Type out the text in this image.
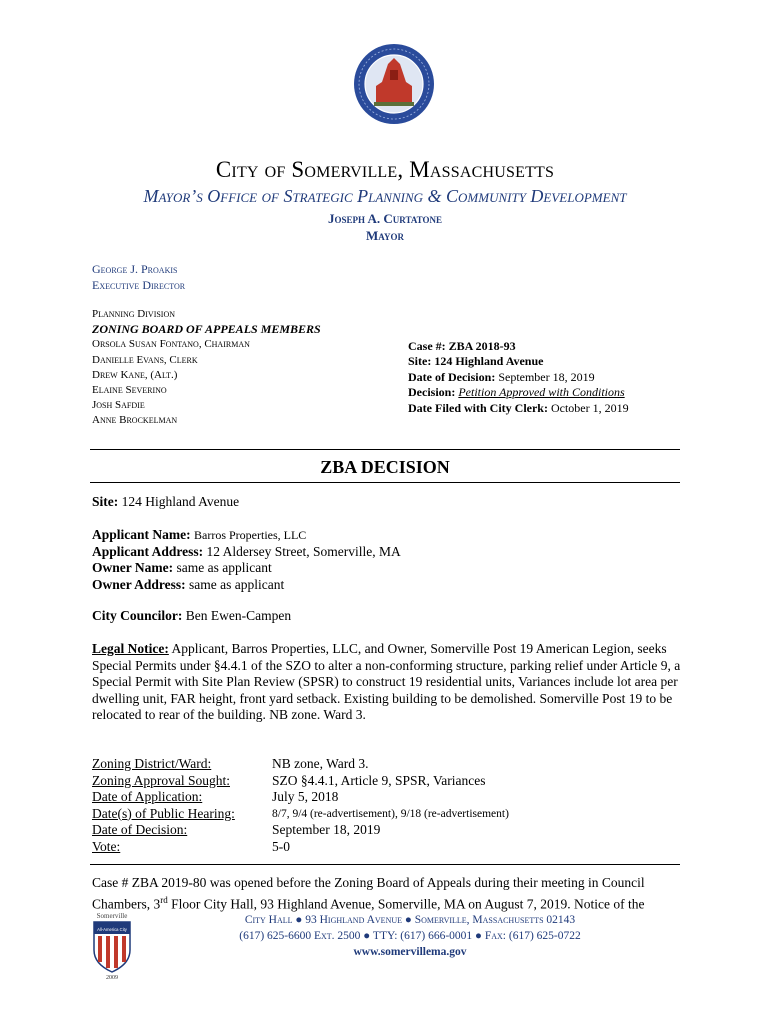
City of Somerville, Massachusetts
Mayor’s Office of Strategic Planning & Community Development
Joseph A. Curtatone
Mayor
George J. Proakis
Executive Director
Planning Division
ZONING BOARD OF APPEALS MEMBERS
Orsola Susan Fontano, Chairman
Danielle Evans, Clerk
Drew Kane, (Alt.)
Elaine Severino
Josh Safdie
Anne Brockelman
Case #: ZBA 2018-93
Site: 124 Highland Avenue
Date of Decision: September 18, 2019
Decision: Petition Approved with Conditions
Date Filed with City Clerk: October 1, 2019
ZBA DECISION
Site: 124 Highland Avenue
Applicant Name: Barros Properties, LLC
Applicant Address: 12 Aldersey Street, Somerville, MA
Owner Name: same as applicant
Owner Address: same as applicant
City Councilor: Ben Ewen-Campen
Legal Notice: Applicant, Barros Properties, LLC, and Owner, Somerville Post 19 American Legion, seeks Special Permits under §4.4.1 of the SZO to alter a non-conforming structure, parking relief under Article 9, a Special Permit with Site Plan Review (SPSR) to construct 19 residential units, Variances include lot area per dwelling unit, FAR height, front yard setback. Existing building to be demolished. Somerville Post 19 to be relocated to rear of the building. NB zone. Ward 3.
Zoning District/Ward:	NB zone, Ward 3.
Zoning Approval Sought:	SZO §4.4.1, Article 9, SPSR, Variances
Date of Application:	July 5, 2018
Date(s) of Public Hearing:	8/7, 9/4 (re-advertisement), 9/18 (re-advertisement)
Date of Decision:	September 18, 2019
Vote:	5-0
Case # ZBA 2019-80 was opened before the Zoning Board of Appeals during their meeting in Council
Chambers, 3rd Floor City Hall, 93 Highland Avenue, Somerville, MA on August 7, 2019. Notice of the
Somerville
All-America City
2009
City Hall ● 93 Highland Avenue ● Somerville, Massachusetts 02143
(617) 625-6600 Ext. 2500 ● TTY: (617) 666-0001 ● Fax: (617) 625-0722
www.somervillema.gov
